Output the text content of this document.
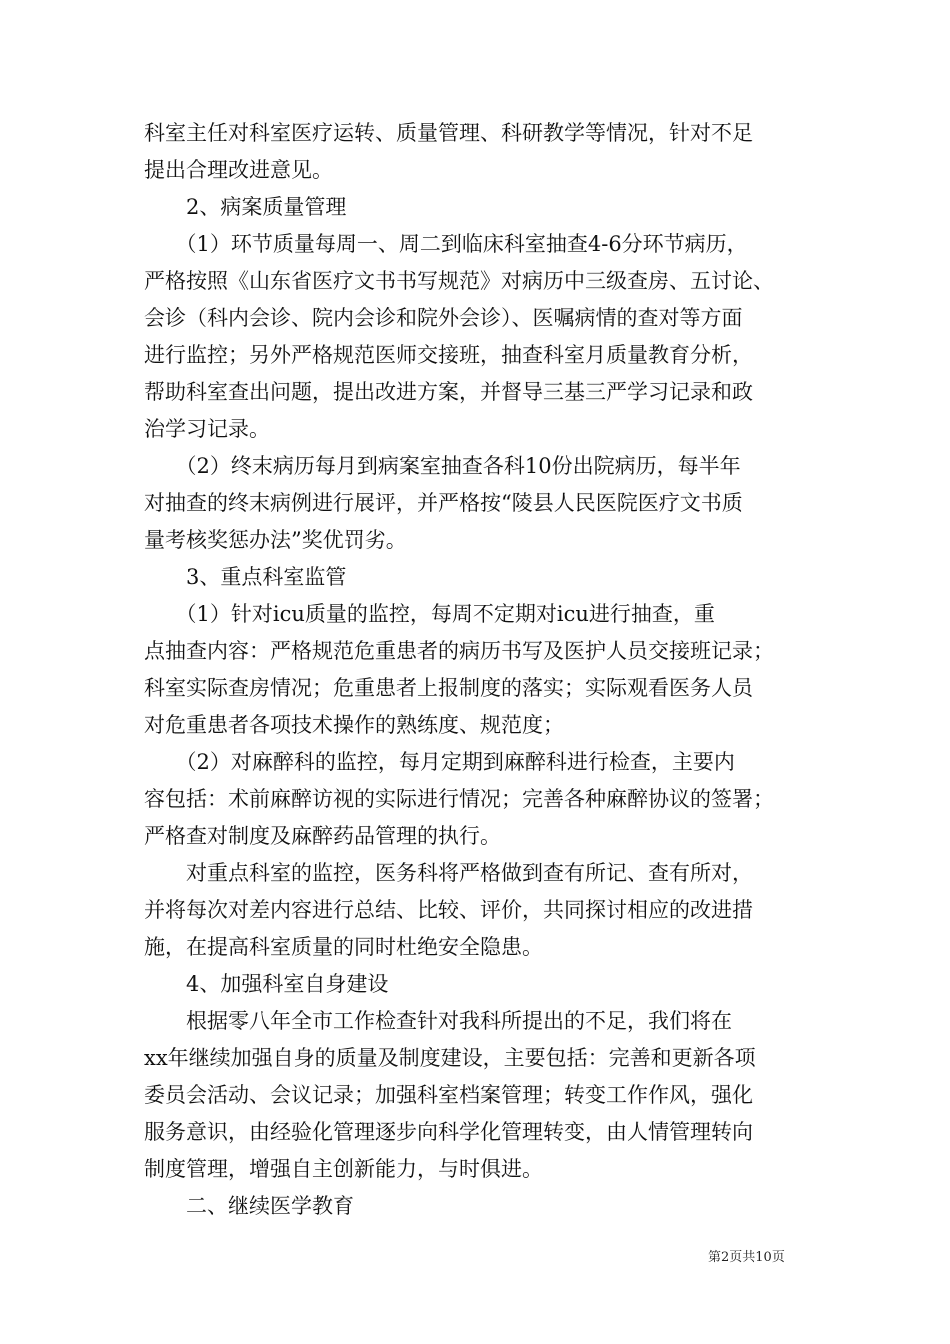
科室主任对科室医疗运转、质量管理、科研教学等情况，针对不足
提出合理改进意见。

　　2、病案质量管理

　　（1）环节质量每周一、周二到临床科室抽查4-6分环节病历，
严格按照《山东省医疗文书书写规范》对病历中三级查房、五讨论、
会诊（科内会诊、院内会诊和院外会诊）、医嘱病情的查对等方面
进行监控；另外严格规范医师交接班，抽查科室月质量教育分析，
帮助科室查出问题，提出改进方案，并督导三基三严学习记录和政
治学习记录。

　　（2）终末病历每月到病案室抽查各科10份出院病历，每半年
对抽查的终末病例进行展评，并严格按“陵县人民医院医疗文书质
量考核奖惩办法”奖优罚劣。

　　3、重点科室监管

　　（1）针对icu质量的监控，每周不定期对icu进行抽查，重
点抽查内容：严格规范危重患者的病历书写及医护人员交接班记录；
科室实际查房情况；危重患者上报制度的落实；实际观看医务人员
对危重患者各项技术操作的熟练度、规范度；

　　（2）对麻醉科的监控，每月定期到麻醉科进行检查，主要内
容包括：术前麻醉访视的实际进行情况；完善各种麻醉协议的签署；
严格查对制度及麻醉药品管理的执行。

　　对重点科室的监控，医务科将严格做到查有所记、查有所对，
并将每次对差内容进行总结、比较、评价，共同探讨相应的改进措
施，在提高科室质量的同时杜绝安全隐患。

　　4、加强科室自身建设

　　根据零八年全市工作检查针对我科所提出的不足，我们将在
xx年继续加强自身的质量及制度建设，主要包括：完善和更新各项
委员会活动、会议记录；加强科室档案管理；转变工作作风，强化
服务意识，由经验化管理逐步向科学化管理转变，由人情管理转向
制度管理，增强自主创新能力，与时俱进。

　　二、继续医学教育

第2页共10页
